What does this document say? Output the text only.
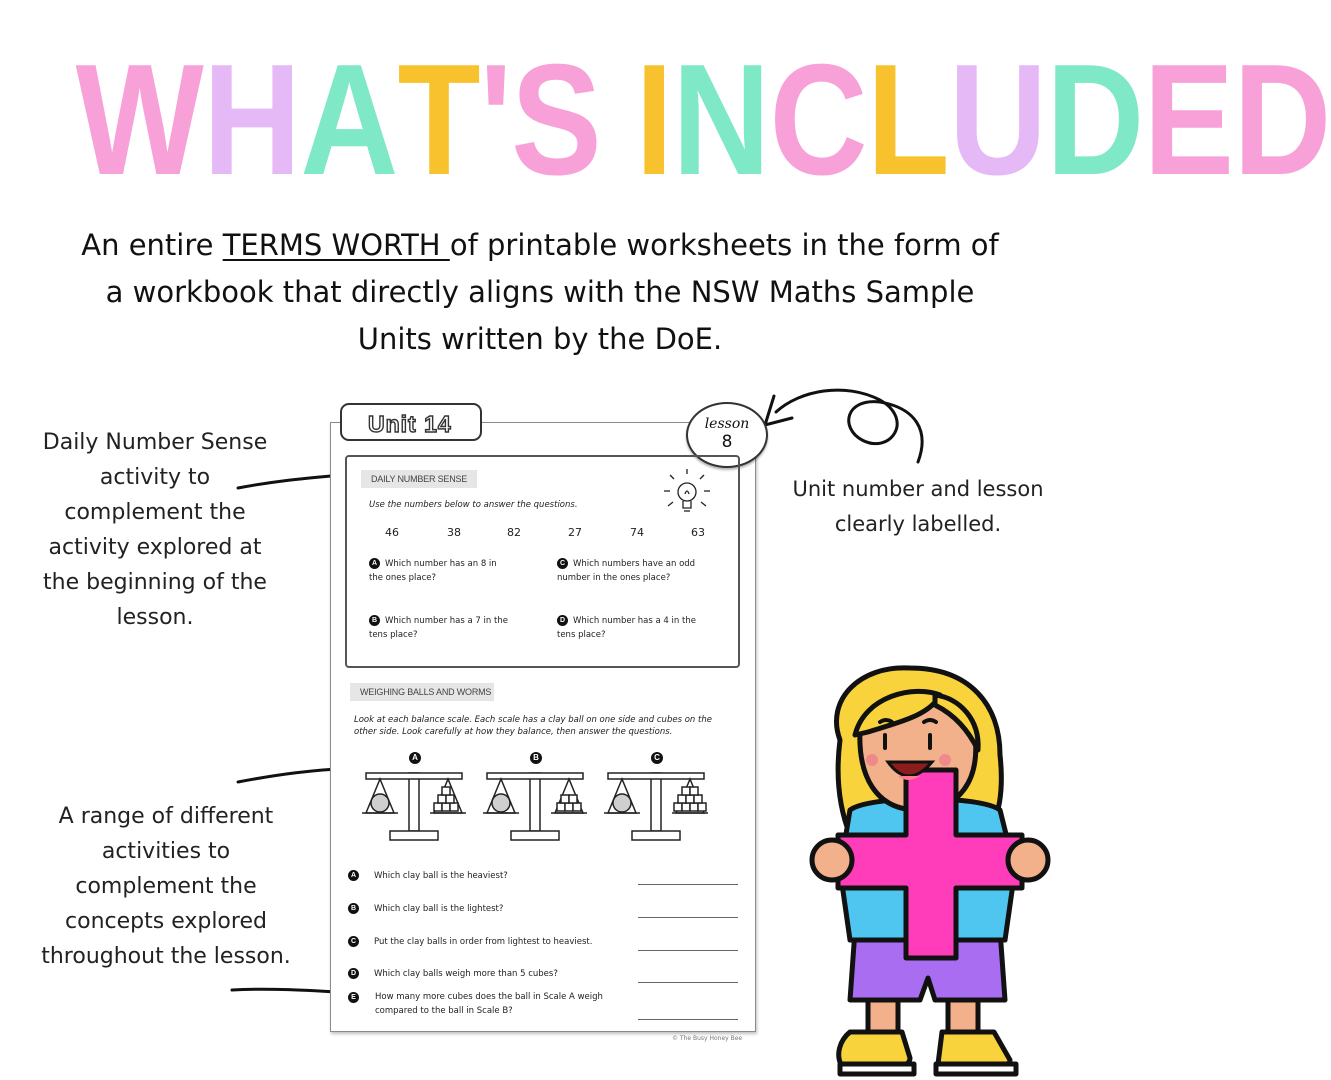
WHAT'S INCLUDED
An entire TERMS WORTH of printable worksheets in the form of a workbook that directly aligns with the NSW Maths Sample Units written by the DoE.
Daily Number Sense activity to complement the activity explored at the beginning of the lesson.
Unit number and lesson clearly labelled.
A range of different activities to complement the concepts explored throughout the lesson.
Unit 14	lesson
8
DAILY NUMBER SENSE
Use the numbers below to answer the questions.
46	38	82	27	74	63
A Which number has an 8 in the ones place?
C Which numbers have an odd number in the ones place?
B Which number has a 7 in the tens place?
D Which number has a 4 in the tens place?
WEIGHING BALLS AND WORMS
Look at each balance scale. Each scale has a clay ball on one side and cubes on the other side. Look carefully at how they balance, then answer the questions.
A	B	C
A Which clay ball is the heaviest?
B Which clay ball is the lightest?
C Put the clay balls in order from lightest to heaviest.
D Which clay balls weigh more than 5 cubes?
E	How many more cubes does the ball in Scale A weigh compared to the ball in Scale B?
© The Busy Honey Bee
